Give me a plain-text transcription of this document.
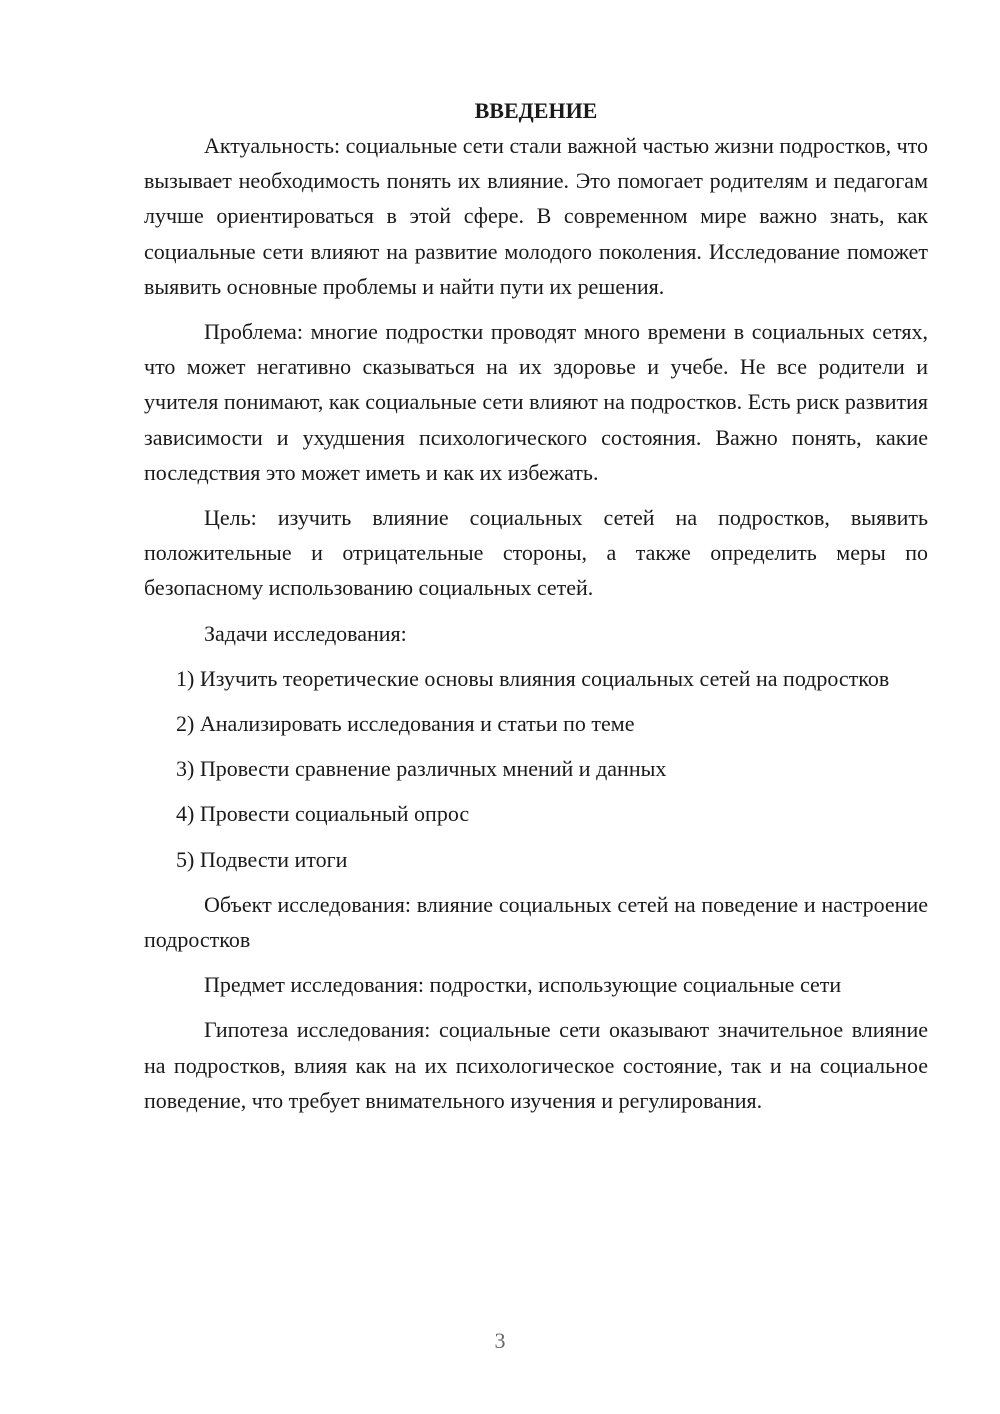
ВВЕДЕНИЕ

Актуальность: социальные сети стали важной частью жизни подростков, что вызывает необходимость понять их влияние. Это помогает родителям и педагогам лучше ориентироваться в этой сфере. В современном мире важно знать, как социальные сети влияют на развитие молодого поколения. Исследование поможет выявить основные проблемы и найти пути их решения.

Проблема: многие подростки проводят много времени в социальных сетях, что может негативно сказываться на их здоровье и учебе. Не все родители и учителя понимают, как социальные сети влияют на подростков. Есть риск развития зависимости и ухудшения психологического состояния. Важно понять, какие последствия это может иметь и как их избежать.

Цель: изучить влияние социальных сетей на подростков, выявить положительные и отрицательные стороны, а также определить меры по безопасному использованию социальных сетей.

Задачи исследования:

1) Изучить теоретические основы влияния социальных сетей на подростков

2) Анализировать исследования и статьи по теме

3) Провести сравнение различных мнений и данных

4) Провести социальный опрос

5) Подвести итоги

Объект исследования: влияние социальных сетей на поведение и настроение подростков

Предмет исследования: подростки, использующие социальные сети

Гипотеза исследования: социальные сети оказывают значительное влияние на подростков, влияя как на их психологическое состояние, так и на социальное поведение, что требует внимательного изучения и регулирования.

3
